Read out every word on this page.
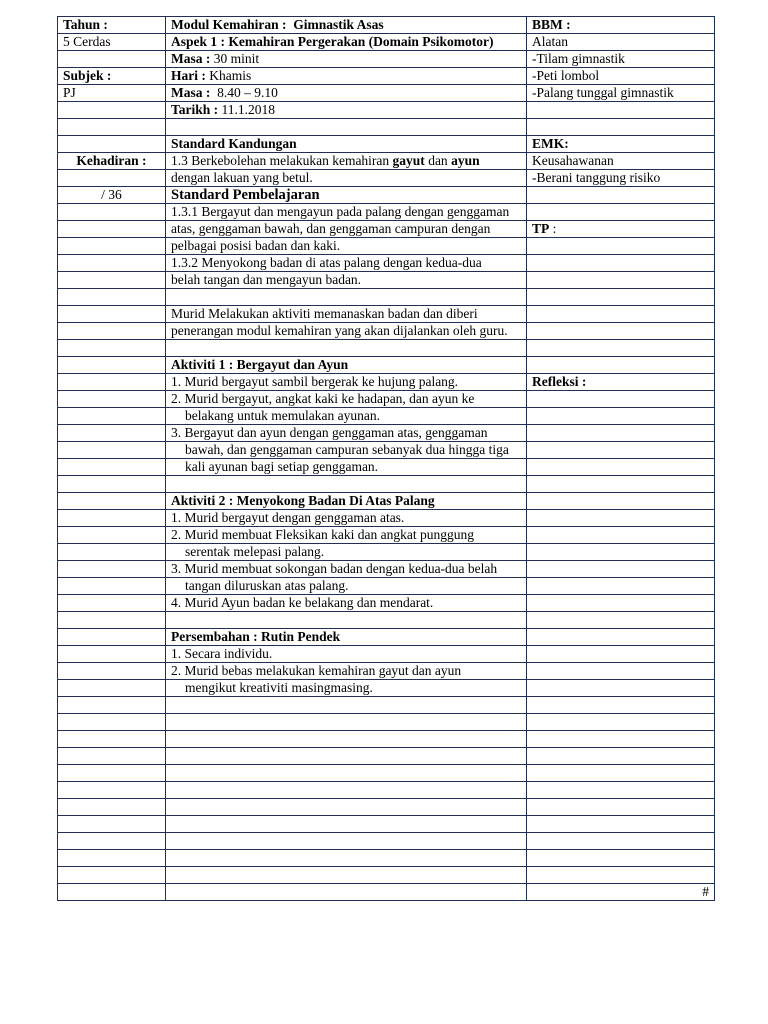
Tahun :	Modul Kemahiran : Gimnastik Asas	BBM :
5 Cerdas	Aspek 1 : Kemahiran Pergerakan (Domain Psikomotor)	Alatan
	Masa : 30 minit	-Tilam gimnastik
Subjek :	Hari : Khamis	-Peti lombol
PJ	Masa : 8.40 – 9.10	-Palang tunggal gimnastik
	Tarikh : 11.1.2018	

	Standard Kandungan	EMK:
Kehadiran :	1.3 Berkebolehan melakukan kemahiran gayut dan ayun	Keusahawanan
	dengan lakuan yang betul.	-Berani tanggung risiko
/ 36	Standard Pembelajaran	
	1.3.1 Bergayut dan mengayun pada palang dengan genggaman	
	atas, genggaman bawah, dan genggaman campuran dengan	TP :
	pelbagai posisi badan dan kaki.	
	1.3.2 Menyokong badan di atas palang dengan kedua-dua	
	belah tangan dan mengayun badan.	

	Murid Melakukan aktiviti memanaskan badan dan diberi	
	penerangan modul kemahiran yang akan dijalankan oleh guru.	

	Aktiviti 1 : Bergayut dan Ayun	
	1. Murid bergayut sambil bergerak ke hujung palang.	Refleksi :
	2. Murid bergayut, angkat kaki ke hadapan, dan ayun ke	
	belakang untuk memulakan ayunan.	
	3. Bergayut dan ayun dengan genggaman atas, genggaman	
	bawah, dan genggaman campuran sebanyak dua hingga tiga	
	kali ayunan bagi setiap genggaman.	

	Aktiviti 2 : Menyokong Badan Di Atas Palang	
	1. Murid bergayut dengan genggaman atas.	
	2. Murid membuat Fleksikan kaki dan angkat punggung	
	serentak melepasi palang.	
	3. Murid membuat sokongan badan dengan kedua-dua belah	
	tangan diluruskan atas palang.	
	4. Murid Ayun badan ke belakang dan mendarat.	

	Persembahan : Rutin Pendek	
	1. Secara individu.	
	2. Murid bebas melakukan kemahiran gayut dan ayun	
	mengikut kreativiti masingmasing.	

		#
